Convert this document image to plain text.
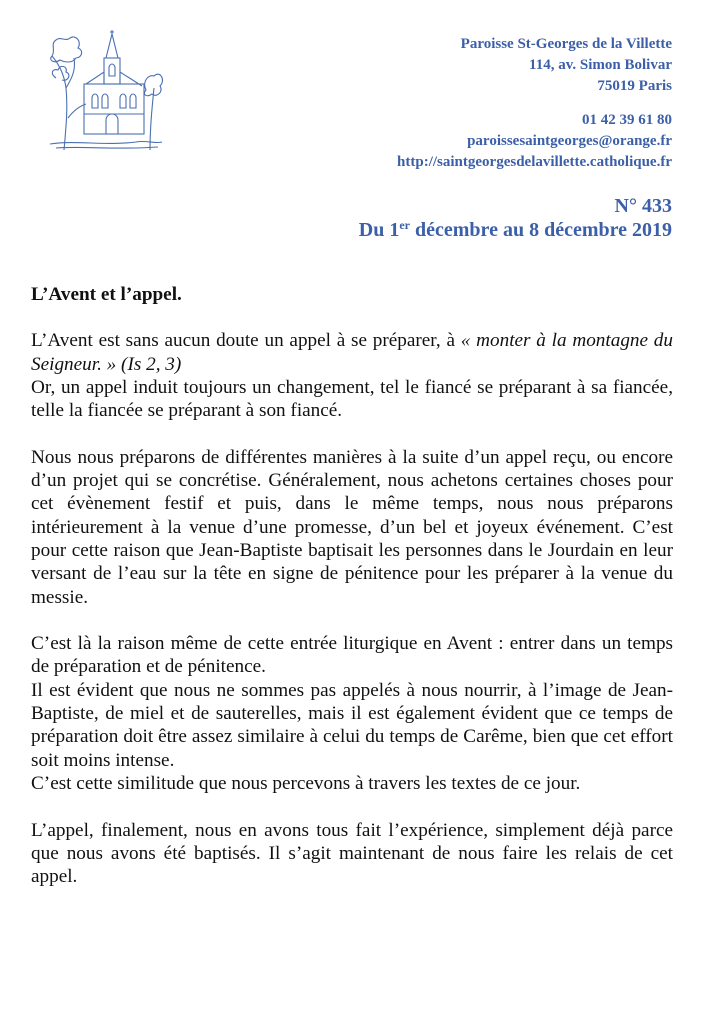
Paroisse St-Georges de la Villette
114, av. Simon Bolivar
75019 Paris
01 42 39 61 80
paroissesaintgeorges@orange.fr
http://saintgeorgesdelavillette.catholique.fr
N° 433
Du 1er décembre au 8 décembre 2019
L’Avent et l’appel.

L’Avent est sans aucun doute un appel à se préparer, à « monter à la montagne du Seigneur. » (Is 2, 3)
Or, un appel induit toujours un changement, tel le fiancé se préparant à sa fiancée, telle la fiancée se préparant à son fiancé.

Nous nous préparons de différentes manières à la suite d’un appel reçu, ou encore d’un projet qui se concrétise. Généralement, nous achetons certaines choses pour cet évènement festif et puis, dans le même temps, nous nous préparons intérieurement à la venue d’une promesse, d’un bel et joyeux événement. C’est pour cette raison que Jean-Baptiste baptisait les personnes dans le Jourdain en leur versant de l’eau sur la tête en signe de pénitence pour les préparer à la venue du messie.

C’est là la raison même de cette entrée liturgique en Avent : entrer dans un temps de préparation et de pénitence.
Il est évident que nous ne sommes pas appelés à nous nourrir, à l’image de Jean-Baptiste, de miel et de sauterelles, mais il est également évident que ce temps de préparation doit être assez similaire à celui du temps de Carême, bien que cet effort soit moins intense.
C’est cette similitude que nous percevons à travers les textes de ce jour.

L’appel, finalement, nous en avons tous fait l’expérience, simplement déjà parce que nous avons été baptisés. Il s’agit maintenant de nous faire les relais de cet appel.
